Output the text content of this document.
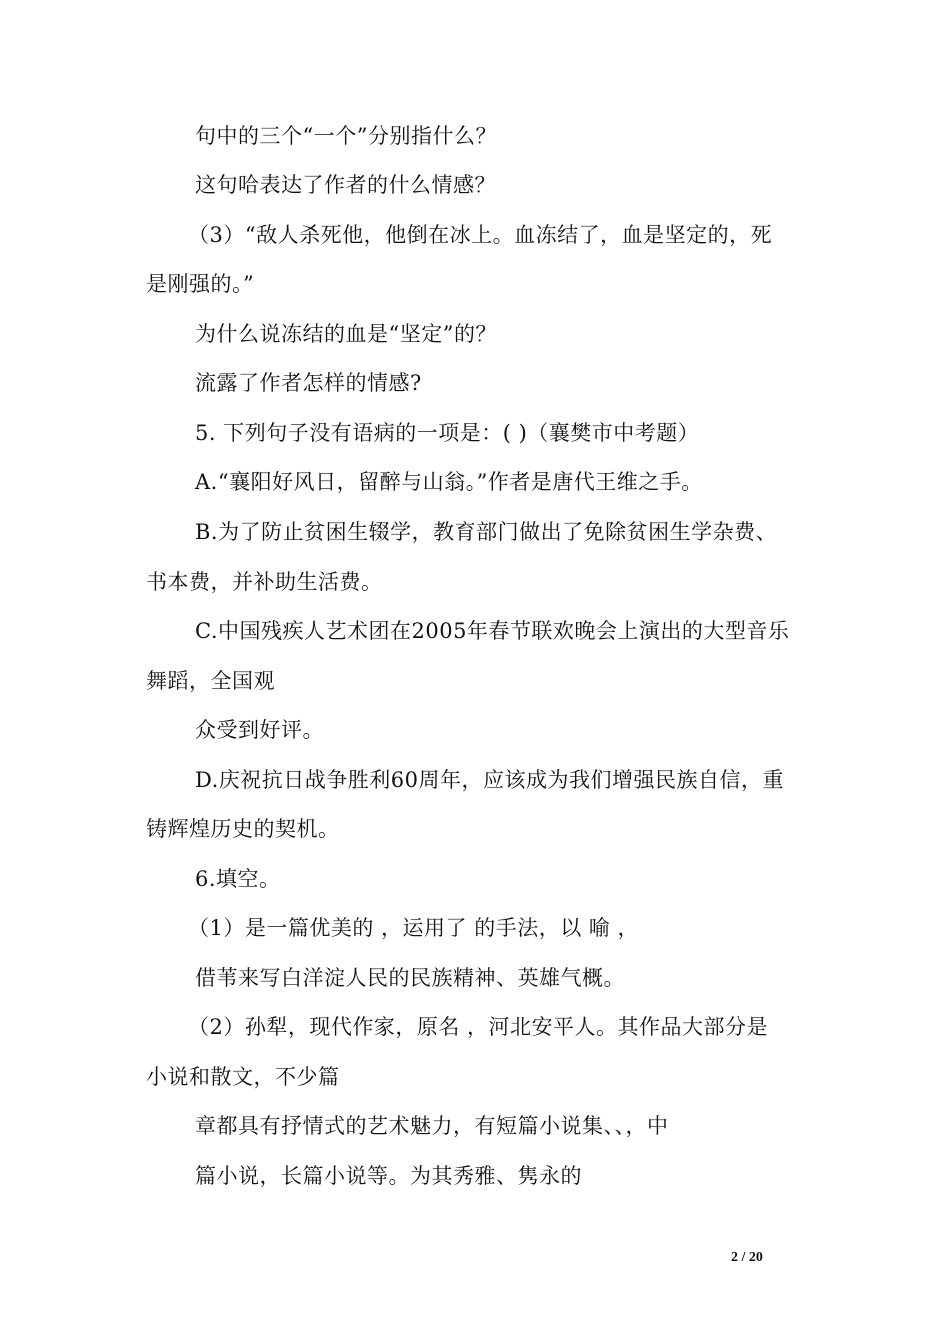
句中的三个“一个”分别指什么？
这句哈表达了作者的什么情感？
（3）“敌人杀死他，他倒在冰上。血冻结了，血是坚定的，死
是刚强的。”
为什么说冻结的血是“坚定”的？
流露了作者怎样的情感?
5. 下列句子没有语病的一项是：( )（襄樊市中考题）
A.“襄阳好风日，留醉与山翁。”作者是唐代王维之手。
B.为了防止贫困生辍学，教育部门做出了免除贫困生学杂费、
书本费，并补助生活费。
C.中国残疾人艺术团在2005年春节联欢晚会上演出的大型音乐
舞蹈，全国观
众受到好评。
D.庆祝抗日战争胜利60周年，应该成为我们增强民族自信，重
铸辉煌历史的契机。
6.填空。
（1）是一篇优美的 ，运用了 的手法，以 喻 ，
借苇来写白洋淀人民的民族精神、英雄气概。
（2）孙犁，现代作家，原名 ，河北安平人。其作品大部分是
小说和散文，不少篇
章都具有抒情式的艺术魅力，有短篇小说集、、，中
篇小说，长篇小说等。为其秀雅、隽永的
2 / 20
